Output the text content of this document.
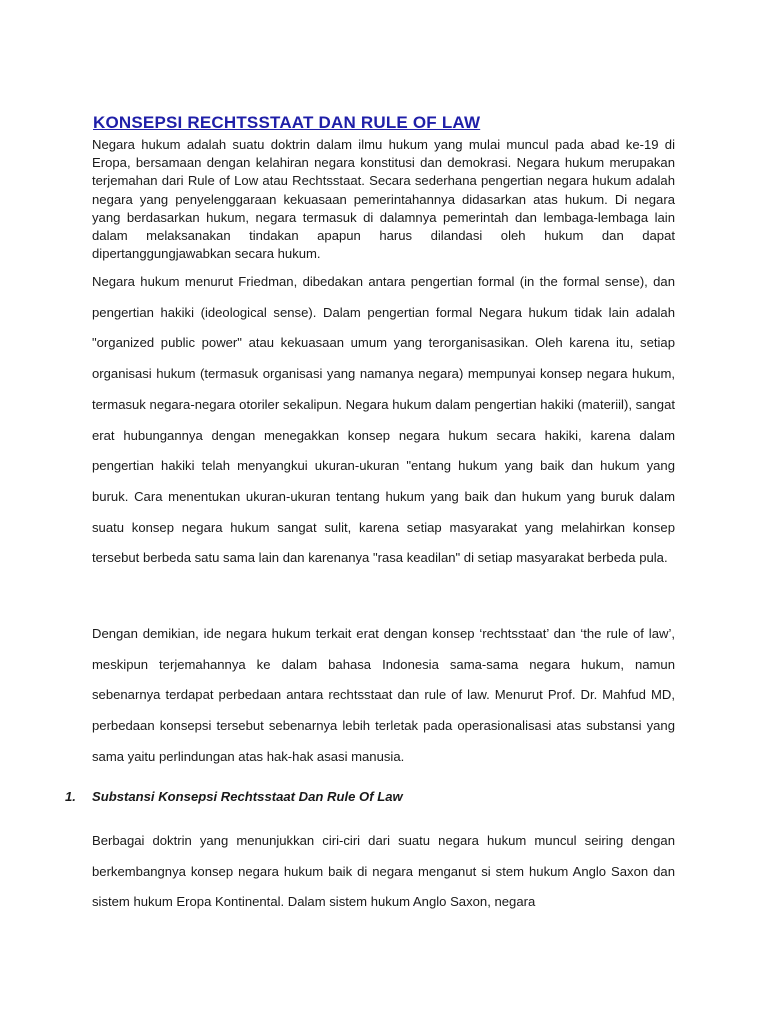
KONSEPSI RECHTSSTAAT DAN RULE OF LAW

Negara hukum adalah suatu doktrin dalam ilmu hukum yang mulai muncul pada abad ke-19 di Eropa, bersamaan dengan kelahiran negara konstitusi dan demokrasi. Negara hukum merupakan terjemahan dari Rule of Low atau Rechtsstaat. Secara sederhana pengertian negara hukum adalah negara yang penyelenggaraan kekuasaan pemerintahannya didasarkan atas hukum. Di negara yang berdasarkan hukum, negara termasuk di dalamnya pemerintah dan lembaga-lembaga lain dalam melaksanakan tindakan apapun harus dilandasi oleh hukum dan dapat dipertanggungjawabkan secara hukum.

Negara hukum menurut Friedman, dibedakan antara pengertian formal (in the formal sense), dan pengertian hakiki (ideological sense). Dalam pengertian formal Negara hukum tidak lain adalah "organized public power" atau kekuasaan umum yang terorganisasikan. Oleh karena itu, setiap organisasi hukum (termasuk organisasi yang namanya negara) mempunyai konsep negara hukum, termasuk negara-negara otoriler sekalipun. Negara hukum dalam pengertian hakiki (materiil), sangat erat hubungannya dengan menegakkan konsep negara hukum secara hakiki, karena dalam pengertian hakiki telah menyangkui ukuran-ukuran "entang hukum yang baik dan hukum yang buruk. Cara menentukan ukuran-ukuran tentang hukum yang baik dan hukum yang buruk dalam suatu konsep negara hukum sangat sulit, karena setiap masyarakat yang melahirkan konsep tersebut berbeda satu sama lain dan karenanya "rasa keadilan" di setiap masyarakat berbeda pula.

Dengan demikian, ide negara hukum terkait erat dengan konsep ‘rechtsstaat’ dan ‘the rule of law’, meskipun terjemahannya ke dalam bahasa Indonesia sama-sama negara hukum, namun sebenarnya terdapat perbedaan antara rechtsstaat dan rule of law. Menurut Prof. Dr. Mahfud MD, perbedaan konsepsi tersebut sebenarnya lebih terletak pada operasionalisasi atas substansi yang sama yaitu perlindungan atas hak-hak asasi manusia.

1. Substansi Konsepsi Rechtsstaat Dan Rule Of Law

Berbagai doktrin yang menunjukkan ciri-ciri dari suatu negara hukum muncul seiring dengan berkembangnya konsep negara hukum baik di negara menganut si stem hukum Anglo Saxon dan sistem hukum Eropa Kontinental. Dalam sistem hukum Anglo Saxon, negara
